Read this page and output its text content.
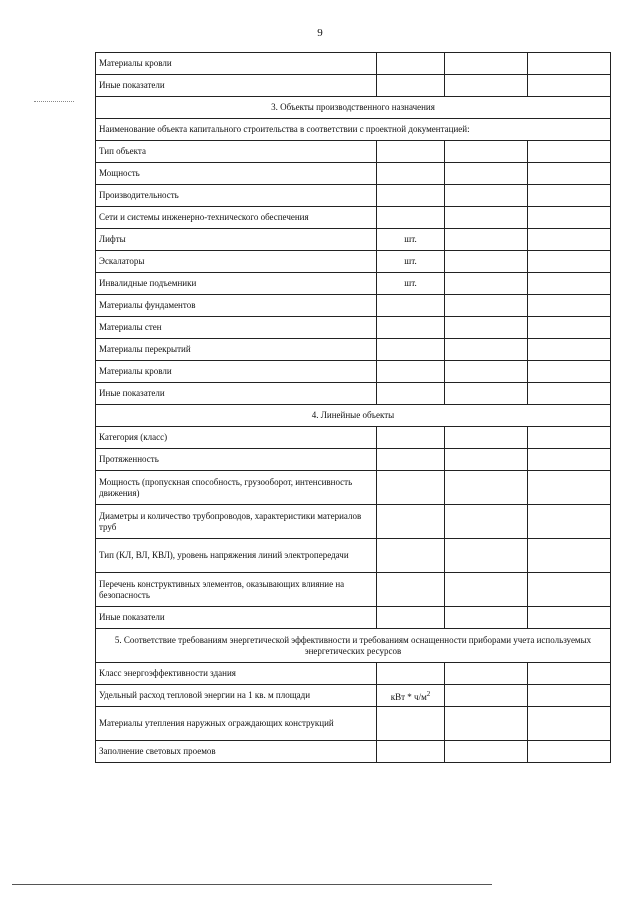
9
Материалы кровли			
Иные показатели			
3. Объекты производственного назначения			
Наименование объекта капитального строительства в соответствии с проектной документацией:			
Тип объекта			
Мощность			
Производительность			
Сети и системы инженерно-технического обеспечения			
Лифты	шт.		
Эскалаторы	шт.		
Инвалидные подъемники	шт.		
Материалы фундаментов			
Материалы стен			
Материалы перекрытий			
Материалы кровли			
Иные показатели			
4. Линейные объекты			
Категория (класс)			
Протяженность			
Мощность (пропускная способность, грузооборот, интенсивность движения)			
Диаметры и количество трубопроводов, характеристики материалов труб			
Тип (КЛ, ВЛ, КВЛ), уровень напряжения линий электропередачи			
Перечень конструктивных элементов, оказывающих влияние на безопасность			
Иные показатели			
5. Соответствие требованиям энергетической эффективности и требованиям оснащенности приборами учета используемых энергетических ресурсов			
Класс энергоэффективности здания			
Удельный расход тепловой энергии на 1 кв. м площади	кВт * $ч/м^2$		
Материалы утепления наружных ограждающих конструкций			
Заполнение световых проемов			
